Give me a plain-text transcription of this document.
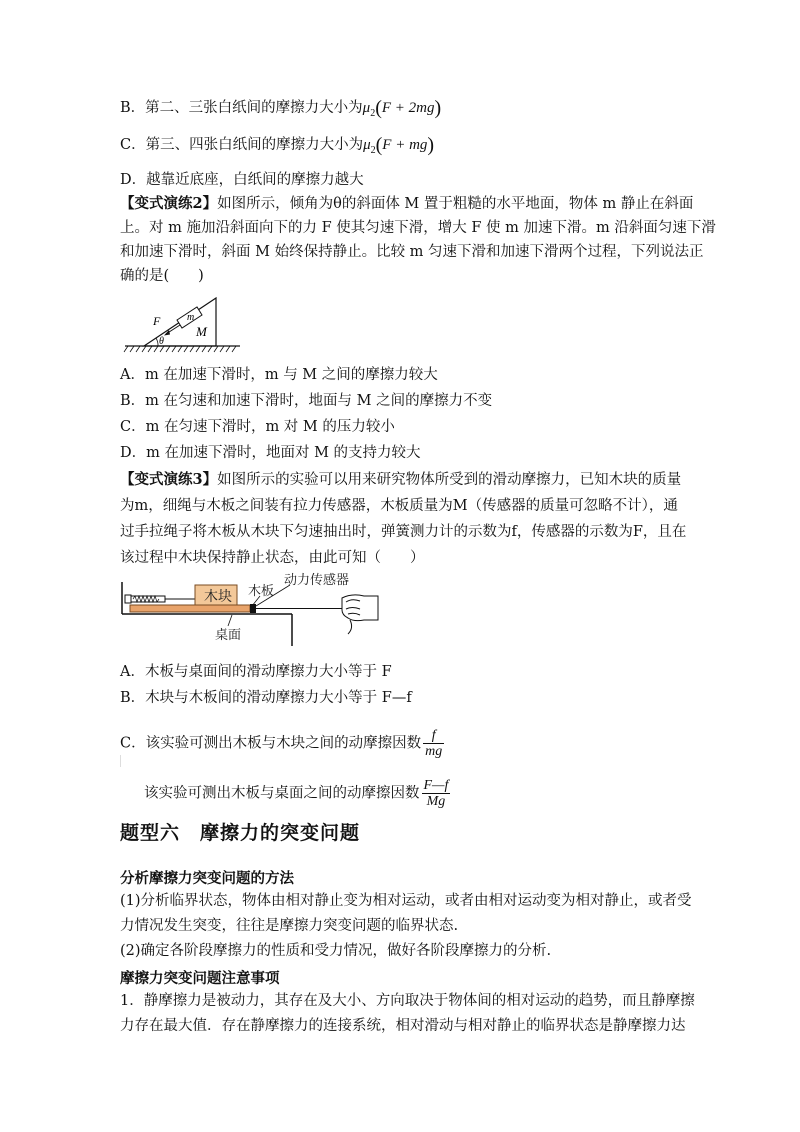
B．第二、三张白纸间的摩擦力大小为$\mu_2(F + 2mg)$
C．第三、四张白纸间的摩擦力大小为$\mu_2(F + mg)$
D．越靠近底座，白纸间的摩擦力越大
【变式演练2】如图所示，倾角为θ的斜面体 M 置于粗糙的水平地面，物体 m 静止在斜面
上。对 m 施加沿斜面向下的力 F 使其匀速下滑，增大 F 使 m 加速下滑。m 沿斜面匀速下滑
和加速下滑时，斜面 M 始终保持静止。比较 m 匀速下滑和加速下滑两个过程，下列说法正
确的是(　　)
m
F
M
θ
A．m 在加速下滑时，m 与 M 之间的摩擦力较大
B．m 在匀速和加速下滑时，地面与 M 之间的摩擦力不变
C．m 在匀速下滑时，m 对 M 的压力较小
D．m 在加速下滑时，地面对 M 的支持力较大
【变式演练3】如图所示的实验可以用来研究物体所受到的滑动摩擦力，已知木块的质量
为m，细绳与木板之间装有拉力传感器，木板质量为M（传感器的质量可忽略不计），通
过手拉绳子将木板从木块下匀速抽出时，弹簧测力计的示数为f，传感器的示数为F，且在
该过程中木块保持静止状态，由此可知（　　）
木块 木板
动力传感器
桌面
A．木板与桌面间的滑动摩擦力大小等于 F
B．木块与木板间的滑动摩擦力大小等于 F—f
C．该实验可测出木板与木块之间的动摩擦因数 $\frac{f}{mg}$
该实验可测出木板与桌面之间的动摩擦因数 $\frac{F—f}{Mg}$
题型六　摩擦力的突变问题
分析摩擦力突变问题的方法
(1)分析临界状态，物体由相对静止变为相对运动，或者由相对运动变为相对静止，或者受
力情况发生突变，往往是摩擦力突变问题的临界状态.
(2)确定各阶段摩擦力的性质和受力情况，做好各阶段摩擦力的分析.
摩擦力突变问题注意事项
1．静摩擦力是被动力，其存在及大小、方向取决于物体间的相对运动的趋势，而且静摩擦
力存在最大值．存在静摩擦力的连接系统，相对滑动与相对静止的临界状态是静摩擦力达
